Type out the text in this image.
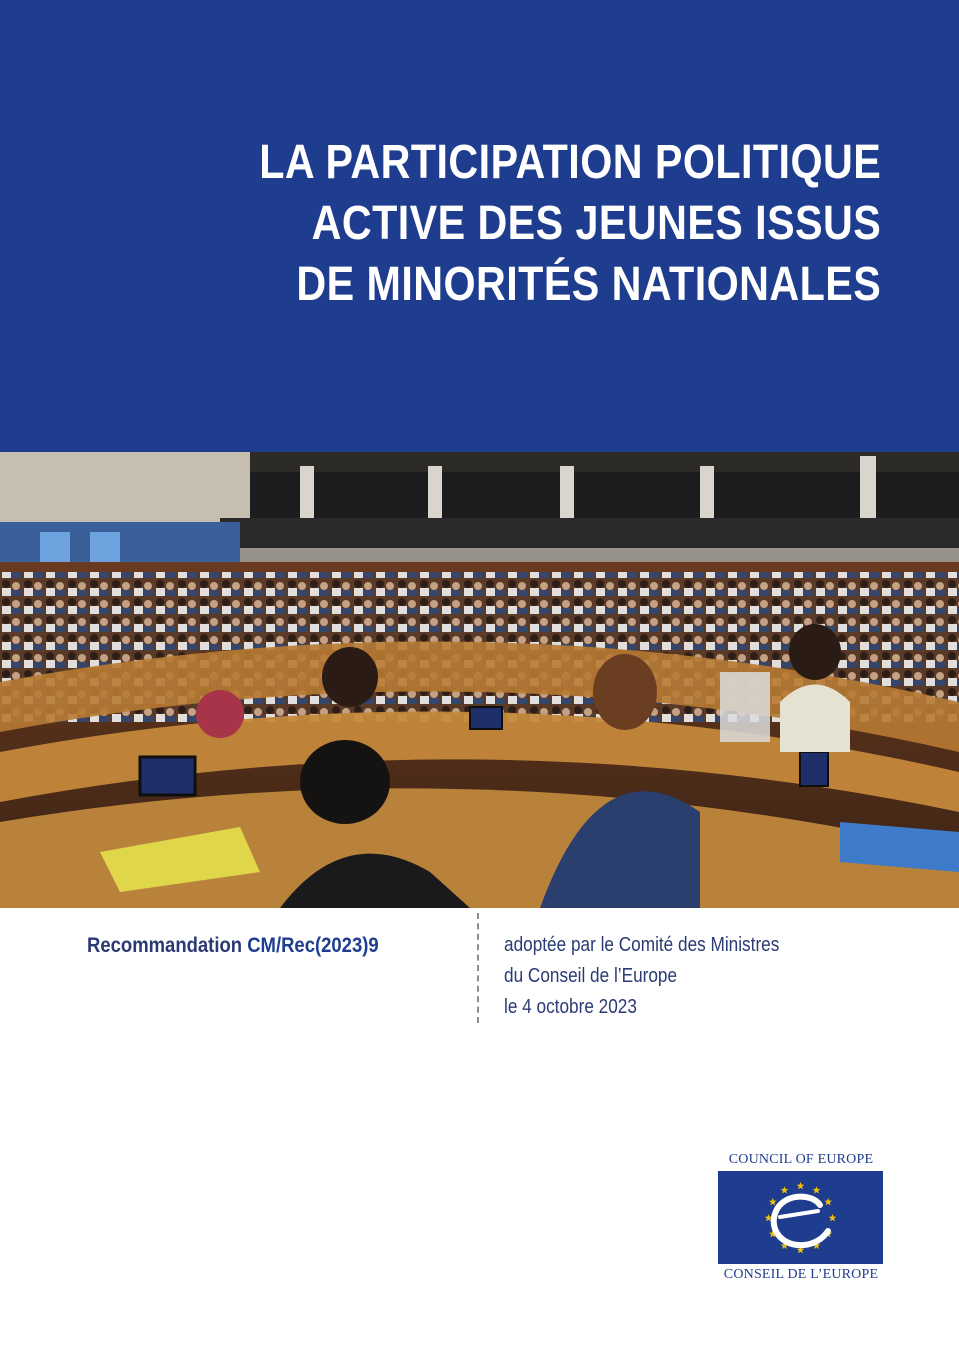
LA PARTICIPATION POLITIQUE
ACTIVE DES JEUNES ISSUS
DE MINORITÉS NATIONALES
Recommandation CM/Rec(2023)9	adoptée par le Comité des Ministres
du Conseil de l’Europe
le 4 octobre 2023
COUNCIL OF EUROPE
CONSEIL DE L’EUROPE
